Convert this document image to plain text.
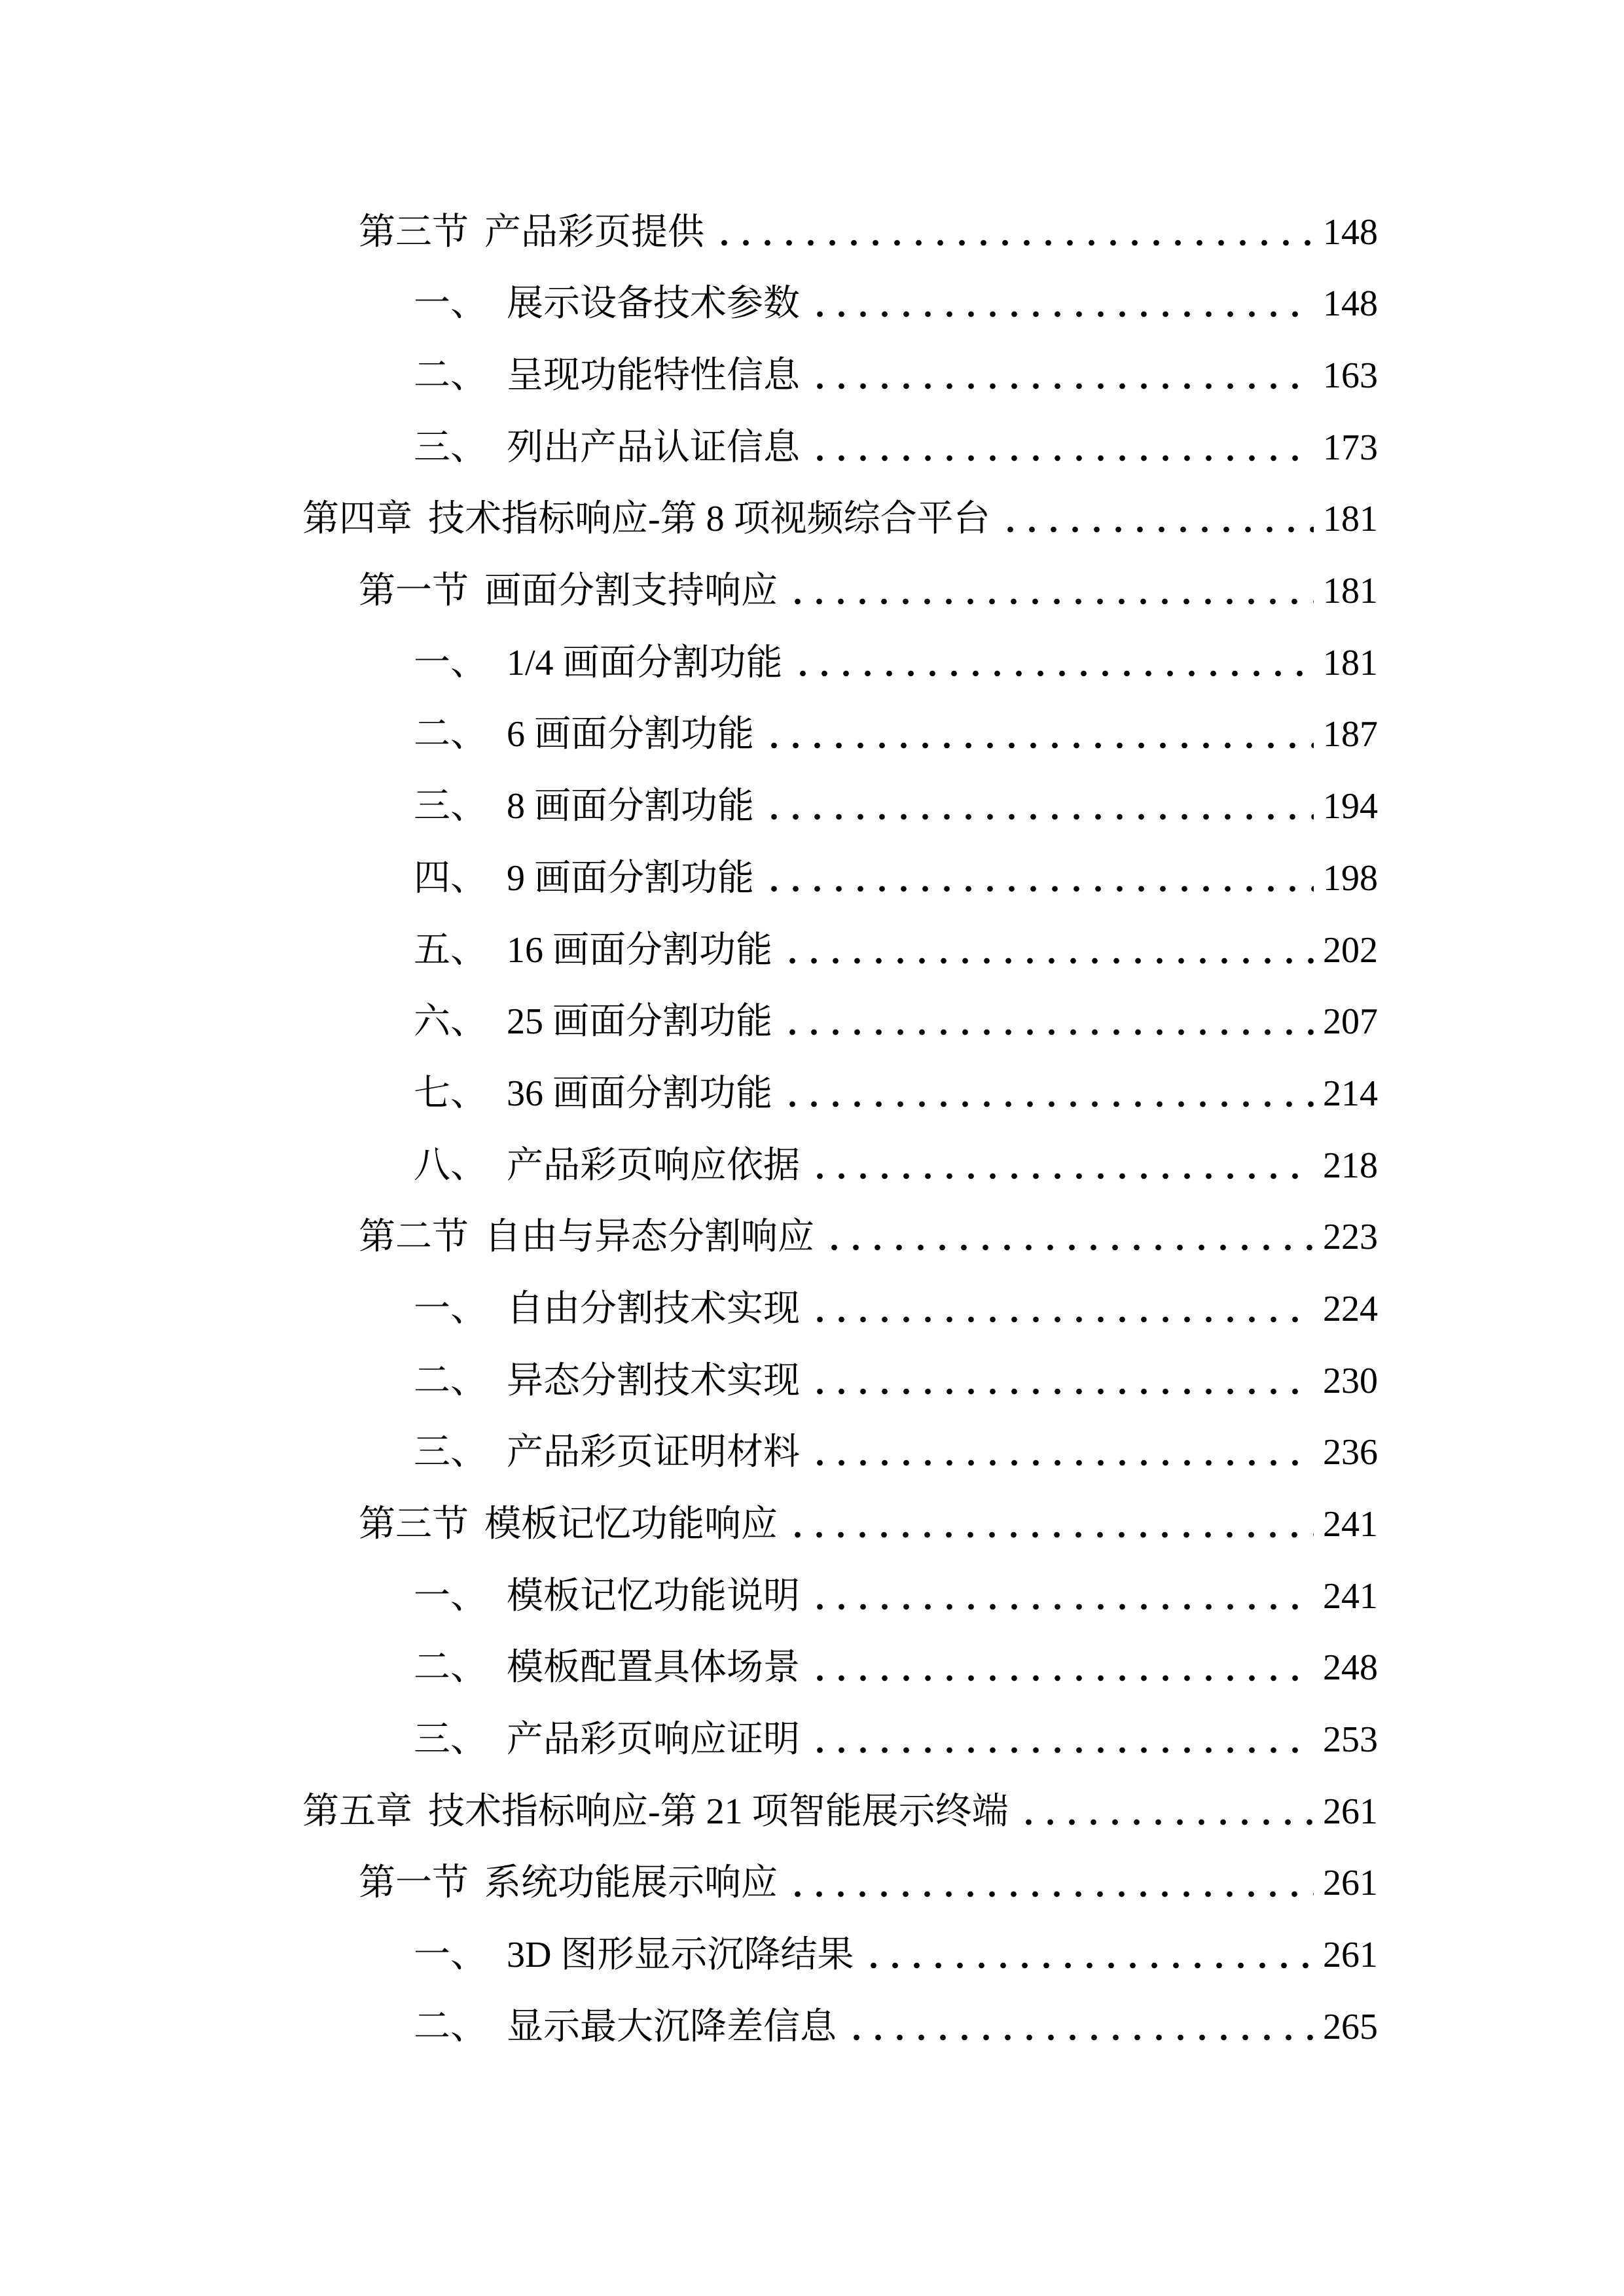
第三节 产品彩页提供	148
一、 展示设备技术参数	148
二、 呈现功能特性信息	163
三、 列出产品认证信息	173
第四章 技术指标响应-第 8 项视频综合平台	181
第一节 画面分割支持响应	181
一、 1/4 画面分割功能	181
二、 6 画面分割功能	187
三、 8 画面分割功能	194
四、 9 画面分割功能	198
五、 16 画面分割功能	202
六、 25 画面分割功能	207
七、 36 画面分割功能	214
八、 产品彩页响应依据	218
第二节 自由与异态分割响应	223
一、 自由分割技术实现	224
二、 异态分割技术实现	230
三、 产品彩页证明材料	236
第三节 模板记忆功能响应	241
一、 模板记忆功能说明	241
二、 模板配置具体场景	248
三、 产品彩页响应证明	253
第五章 技术指标响应-第 21 项智能展示终端	261
第一节 系统功能展示响应	261
一、 3D 图形显示沉降结果	261
二、 显示最大沉降差信息	265
